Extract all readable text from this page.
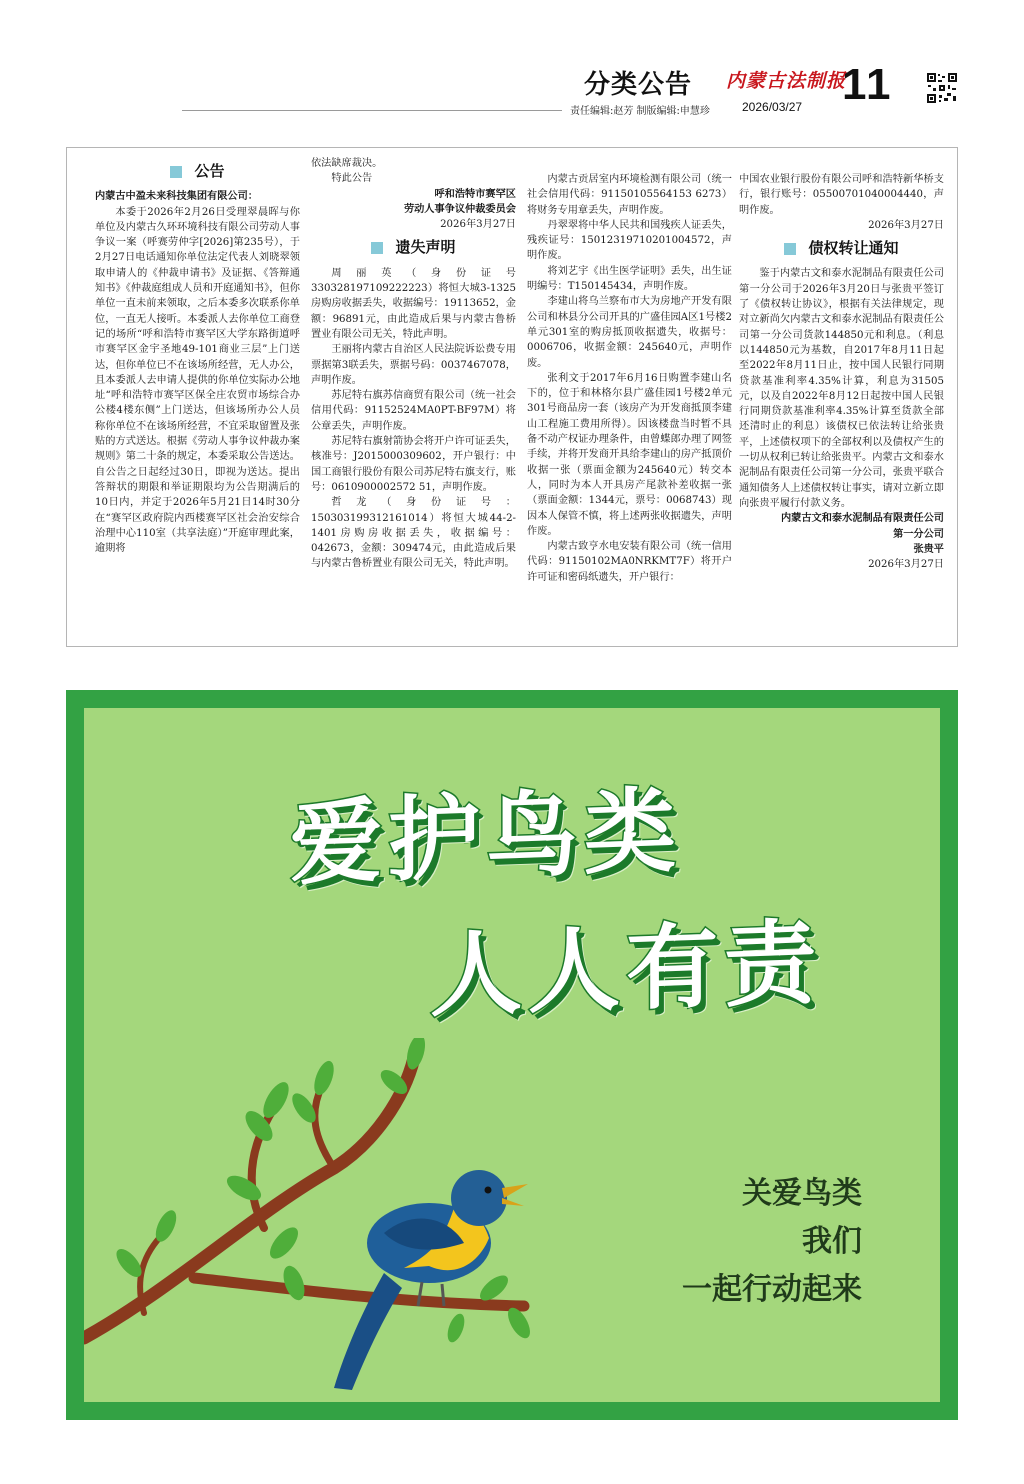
分类公告 内蒙古法制报
11
责任编辑:赵芳 制版编辑:申慧珍	2026/03/27
公告

内蒙古中盈未来科技集团有限公司：

本委于2026年2月26日受理翠晨晖与你单位及内蒙古久环环境科技有限公司劳动人事争议一案（呼赛劳仲字[2026]第235号），于2月27日电话通知你单位法定代表人刘晓翠领取申请人的《仲裁申请书》及证据、《答辩通知书》《仲裁庭组成人员和开庭通知书》，但你单位一直未前来领取，之后本委多次联系你单位，一直无人接听。本委派人去你单位工商登记的场所“呼和浩特市赛罕区大学东路街道呼市赛罕区金宇圣地49-101商业三层”上门送达，但你单位已不在该场所经营，无人办公，且本委派人去申请人提供的你单位实际办公地址“呼和浩特市赛罕区保全庄农贸市场综合办公楼4楼东侧”上门送达，但该场所办公人员称你单位不在该场所经营，不宜采取留置及张贴的方式送达。根据《劳动人事争议仲裁办案规则》第二十条的规定，本委采取公告送达。自公告之日起经过30日，即视为送达。提出答辩状的期限和举证期限均为公告期满后的10日内，并定于2026年5月21日14时30分在“赛罕区政府院内西楼赛罕区社会治安综合治理中心110室（共享法庭）”开庭审理此案，逾期将

依法缺席裁决。

特此公告

呼和浩特市赛罕区

劳动人事争议仲裁委员会

2026年3月27日

遗失声明

周丽英（身份证号330328197109222223）将恒大城3-1325房购房收据丢失，收据编号：19113652，金额：96891元，由此造成后果与内蒙古鲁桥置业有限公司无关，特此声明。

王丽将内蒙古自治区人民法院诉讼费专用票据第3联丢失，票据号码：0037467078，声明作废。

苏尼特右旗苏信商贸有限公司（统一社会信用代码：91152524MA0PT-BF97M）将公章丢失，声明作废。

苏尼特右旗射箭协会将开户许可证丢失，核准号：J2015000309602，开户银行：中国工商银行股份有限公司苏尼特右旗支行，账号：0610900002572 51，声明作废。

哲龙（身份证号：150303199312161014）将恒大城44-2-1401房购房收据丢失，收据编号：042673，金额：309474元，由此造成后果与内蒙古鲁桥置业有限公司无关，特此声明。

内蒙古贡居室内环境检测有限公司（统一社会信用代码：91150105564153 6273）将财务专用章丢失，声明作废。

丹翠翠将中华人民共和国残疾人证丢失，残疾证号：15012319710201004572，声明作废。

将刘艺宇《出生医学证明》丢失，出生证明编号：T150145434，声明作废。

李建山将乌兰察布市大为房地产开发有限公司和林县分公司开具的广盛佳园A区1号楼2单元301室的购房抵顶收据遗失，收据号：0006706，收据金额：245640元，声明作废。

张利文于2017年6月16日购置李建山名下的，位于和林格尔县广盛佳园1号楼2单元301号商品房一套（该房产为开发商抵顶李建山工程施工费用所得）。因该楼盘当时暂不具备不动产权证办理条件，由曾蝶郎办理了网签手续，并将开发商开具给李建山的房产抵顶价收据一张（票面金额为245640元）转交本人，同时为本人开具房产尾款补差收据一张（票面金额：1344元，票号：0068743）现因本人保管不慎，将上述两张收据遗失，声明作废。

内蒙古致亨水电安装有限公司（统一信用代码：91150102MA0NRKMT7F）将开户许可证和密码纸遗失，开户银行：

中国农业银行股份有限公司呼和浩特新华桥支行，银行账号：05500701040004440，声明作废。

2026年3月27日

债权转让通知

鉴于内蒙古文和泰水泥制品有限责任公司第一分公司于2026年3月20日与张贵平签订了《债权转让协议》，根据有关法律规定，现对立新尚欠内蒙古文和泰水泥制品有限责任公司第一分公司货款144850元和利息。（利息以144850元为基数，自2017年8月11日起至2022年8月11日止，按中国人民银行同期贷款基准利率4.35%计算，利息为31505元，以及自2022年8月12日起按中国人民银行同期贷款基准利率4.35%计算至货款全部还清时止的利息）该债权已依法转让给张贵平，上述债权项下的全部权利以及债权产生的一切从权利已转让给张贵平。内蒙古文和泰水泥制品有限责任公司第一分公司，张贵平联合通知债务人上述债权转让事实，请对立新立即向张贵平履行付款义务。

内蒙古文和泰水泥制品有限责任公司

第一分公司

张贵平

2026年3月27日

爱护鸟类
人人有责
关爱鸟类
我们
一起行动起来
